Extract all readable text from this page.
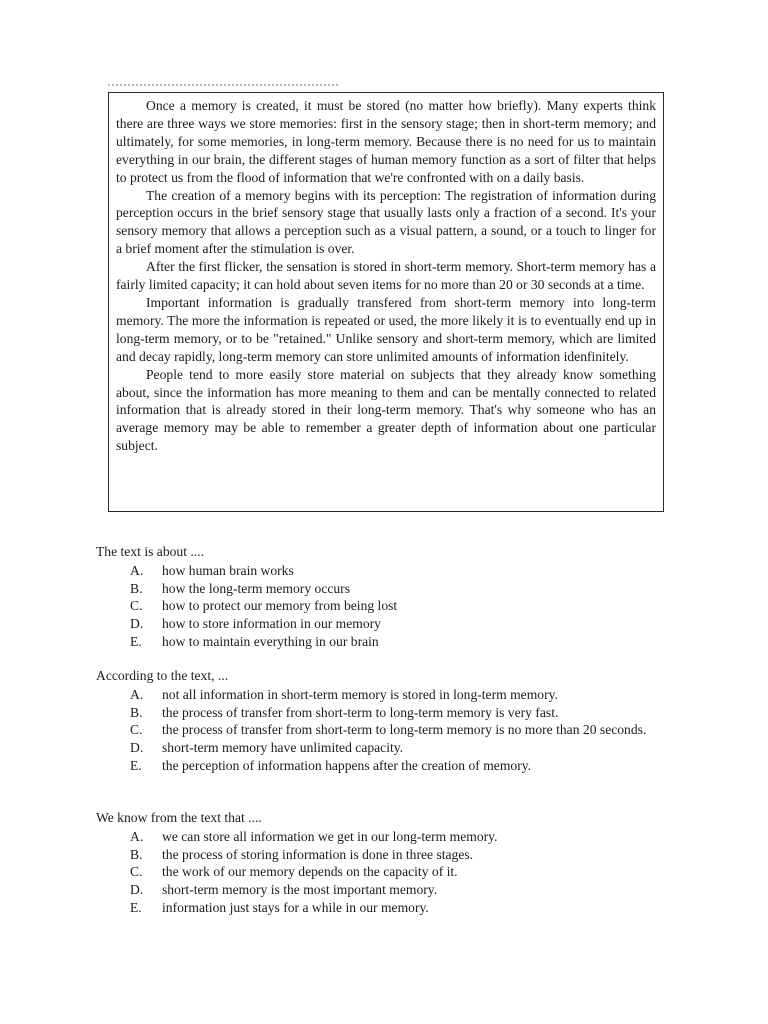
Once a memory is created, it must be stored (no matter how briefly). Many experts think there are three ways we store memories: first in the sensory stage; then in short-term memory; and ultimately, for some memories, in long-term memory. Because there is no need for us to maintain everything in our brain, the different stages of human memory function as a sort of filter that helps to protect us from the flood of information that we're confronted with on a daily basis.

The creation of a memory begins with its perception: The registration of information during perception occurs in the brief sensory stage that usually lasts only a fraction of a second. It's your sensory memory that allows a perception such as a visual pattern, a sound, or a touch to linger for a brief moment after the stimulation is over.

After the first flicker, the sensation is stored in short-term memory. Short-term memory has a fairly limited capacity; it can hold about seven items for no more than 20 or 30 seconds at a time.

Important information is gradually transfered from short-term memory into long-term memory. The more the information is repeated or used, the more likely it is to eventually end up in long-term memory, or to be "retained." Unlike sensory and short-term memory, which are limited and decay rapidly, long-term memory can store unlimited amounts of information idenfinitely.

People tend to more easily store material on subjects that they already know something about, since the information has more meaning to them and can be mentally connected to related information that is already stored in their long-term memory. That's why someone who has an average memory may be able to remember a greater depth of information about one particular subject.

The text is about ....

A.	how human brain works
B.	how the long-term memory occurs
C.	how to protect our memory from being lost
D.	how to store information in our memory
E.	how to maintain everything in our brain

According to the text, ...

A.	not all information in short-term memory is stored in long-term memory.
B.	the process of transfer from short-term to long-term memory is very fast.
C.	the process of transfer from short-term to long-term memory is no more than 20 seconds.
D.	short-term memory have unlimited capacity.
E.	the perception of information happens after the creation of memory.

We know from the text that ....

A.	we can store all information we get in our long-term memory.
B.	the process of storing information is done in three stages.
C.	the work of our memory depends on the capacity of it.
D.	short-term memory is the most important memory.
E.	information just stays for a while in our memory.
